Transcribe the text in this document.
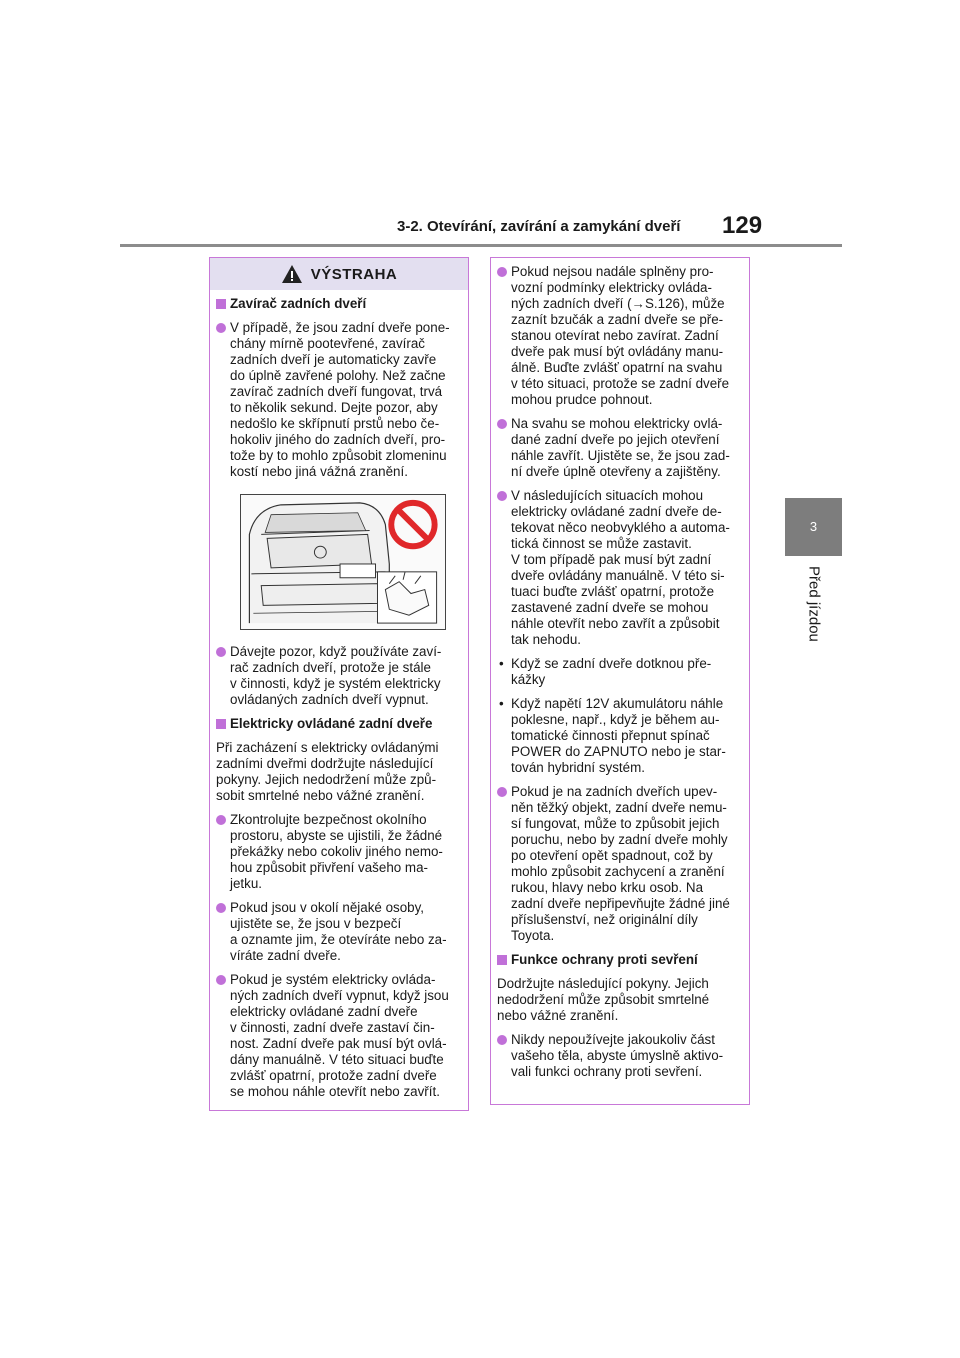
3-2. Otevírání, zavírání a zamykání dveří 129
3
Před jízdou
VÝSTRAHA
Zavírač zadních dveří
V případě, že jsou zadní dveře pone-
chány mírně pootevřené, zavírač
zadních dveří je automaticky zavře
do úplně zavřené polohy. Než začne
zavírač zadních dveří fungovat, trvá
to několik sekund. Dejte pozor, aby
nedošlo ke skřípnutí prstů nebo če-
hokoliv jiného do zadních dveří, pro-
tože by to mohlo způsobit zlomeninu
kostí nebo jiná vážná zranění.
Dávejte pozor, když používáte zaví-
rač zadních dveří, protože je stále
v činnosti, když je systém elektricky
ovládaných zadních dveří vypnut.
Elektricky ovládané zadní dveře
Při zacházení s elektricky ovládanými
zadními dveřmi dodržujte následující
pokyny. Jejich nedodržení může způ-
sobit smrtelné nebo vážné zranění.
Zkontrolujte bezpečnost okolního
prostoru, abyste se ujistili, že žádné
překážky nebo cokoliv jiného nemo-
hou způsobit přivření vašeho ma-
jetku.
Pokud jsou v okolí nějaké osoby,
ujistěte se, že jsou v bezpečí
a oznamte jim, že otevíráte nebo za-
víráte zadní dveře.
Pokud je systém elektricky ovláda-
ných zadních dveří vypnut, když jsou
elektricky ovládané zadní dveře
v činnosti, zadní dveře zastaví čin-
nost. Zadní dveře pak musí být ovlá-
dány manuálně. V této situaci buďte
zvlášť opatrní, protože zadní dveře
se mohou náhle otevřít nebo zavřít.
Pokud nejsou nadále splněny pro-
vozní podmínky elektricky ovláda-
ných zadních dveří (→S.126), může
zaznít bzučák a zadní dveře se pře-
stanou otevírat nebo zavírat. Zadní
dveře pak musí být ovládány manu-
álně. Buďte zvlášť opatrní na svahu
v této situaci, protože se zadní dveře
mohou prudce pohnout.
Na svahu se mohou elektricky ovlá-
dané zadní dveře po jejich otevření
náhle zavřít. Ujistěte se, že jsou zad-
ní dveře úplně otevřeny a zajištěny.
V následujících situacích mohou
elektricky ovládané zadní dveře de-
tekovat něco neobvyklého a automa-
tická činnost se může zastavit.
V tom případě pak musí být zadní
dveře ovládány manuálně. V této si-
tuaci buďte zvlášť opatrní, protože
zastavené zadní dveře se mohou
náhle otevřít nebo zavřít a způsobit
tak nehodu.
• Když se zadní dveře dotknou pře-
kážky
• Když napětí 12V akumulátoru náhle
poklesne, např., když je během au-
tomatické činnosti přepnut spínač
POWER do ZAPNUTO nebo je star-
tován hybridní systém.
Pokud je na zadních dveřích upev-
něn těžký objekt, zadní dveře nemu-
sí fungovat, může to způsobit jejich
poruchu, nebo by zadní dveře mohly
po otevření opět spadnout, což by
mohlo způsobit zachycení a zranění
rukou, hlavy nebo krku osob. Na
zadní dveře nepřipevňujte žádné jiné
příslušenství, než originální díly
Toyota.
Funkce ochrany proti sevření
Dodržujte následující pokyny. Jejich
nedodržení může způsobit smrtelné
nebo vážné zranění.
Nikdy nepoužívejte jakoukoliv část
vašeho těla, abyste úmyslně aktivo-
vali funkci ochrany proti sevření.
